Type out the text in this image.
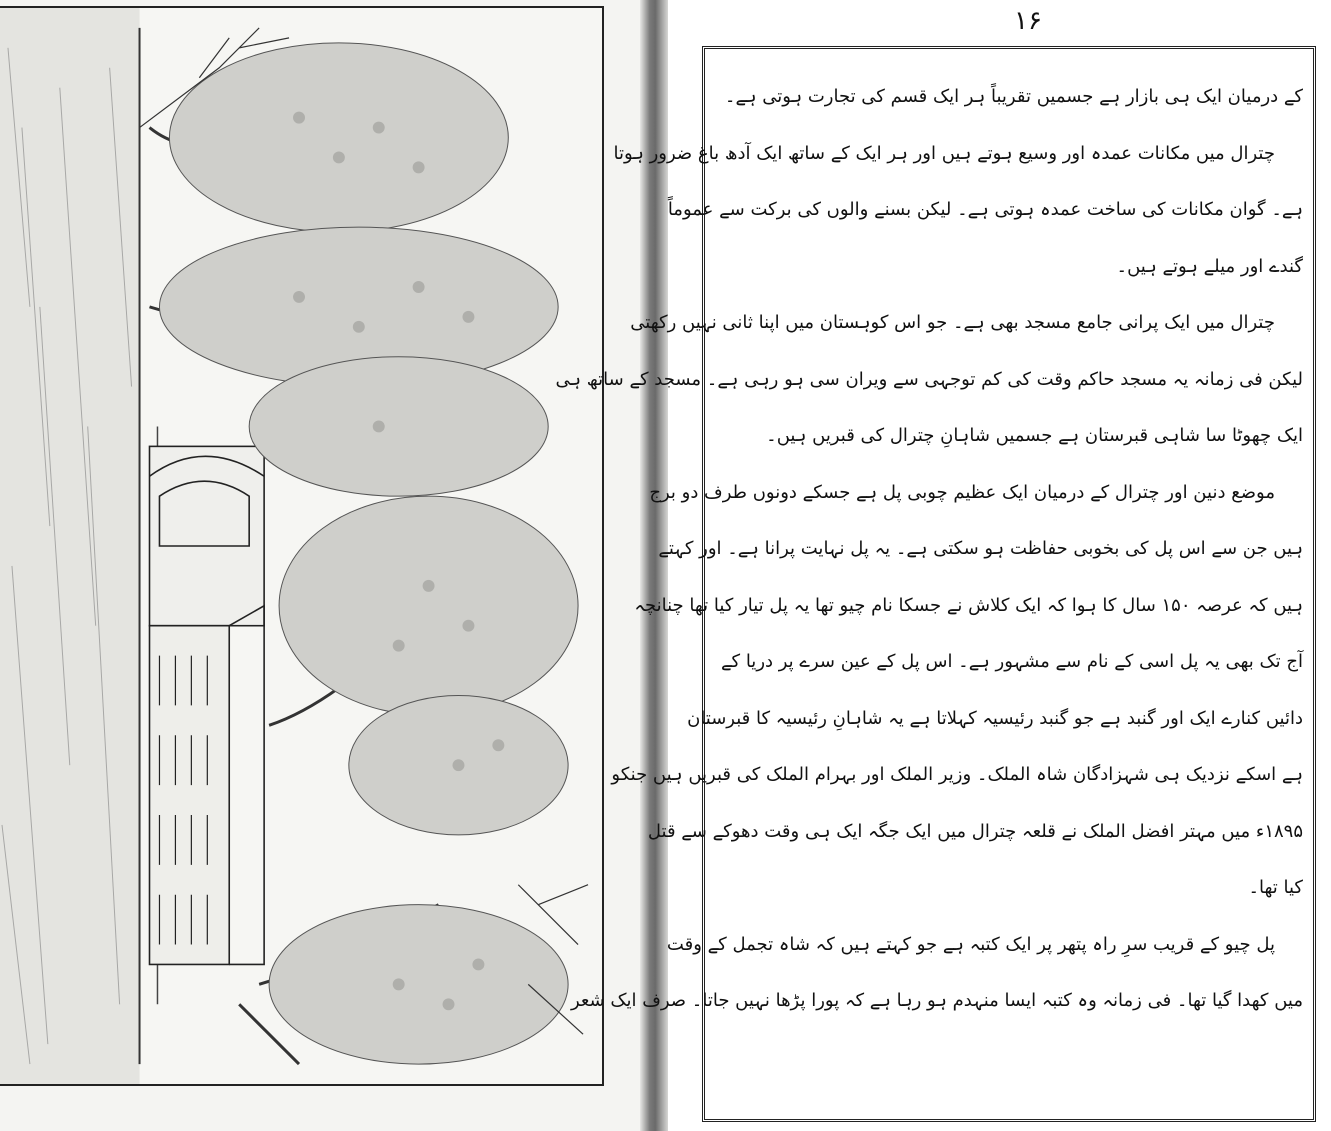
۱۶
کے درمیان ایک ہی بازار ہے جسمیں تقریباً ہر ایک قسم کی تجارت ہوتی ہے۔
چترال میں مکانات عمدہ اور وسیع ہوتے ہیں اور ہر ایک کے ساتھ ایک آدھ باغ ضرور ہوتا
ہے۔ گوان مکانات کی ساخت عمدہ ہوتی ہے۔ لیکن بسنے والوں کی برکت سے عموماً
گندے اور میلے ہوتے ہیں۔
چترال میں ایک پرانی جامع مسجد بھی ہے۔ جو اس کوہستان میں اپنا ثانی نہیں رکھتی
لیکن فی زمانہ یہ مسجد حاکم وقت کی کم توجہی سے ویران سی ہو رہی ہے۔ مسجد کے ساتھ ہی
ایک چھوٹا سا شاہی قبرستان ہے جسمیں شاہانِ چترال کی قبریں ہیں۔
موضع دنین اور چترال کے درمیان ایک عظیم چوبی پل ہے جسکے دونوں طرف دو برج
ہیں جن سے اس پل کی بخوبی حفاظت ہو سکتی ہے۔ یہ پل نہایت پرانا ہے۔ اور کہتے
ہیں کہ عرصہ ۱۵۰ سال کا ہوا کہ ایک کلاش نے جسکا نام چیو تھا یہ پل تیار کیا تھا چنانچہ
آج تک بھی یہ پل اسی کے نام سے مشہور ہے۔ اس پل کے عین سرے پر دریا کے
دائیں کنارے ایک اور گنبد ہے جو گنبد رئیسیہ کہلاتا ہے یہ شاہانِ رئیسیہ کا قبرستان
ہے اسکے نزدیک ہی شہزادگان شاہ الملک۔ وزیر الملک اور بہرام الملک کی قبریں ہیں جنکو
۱۸۹۵ء میں مہتر افضل الملک نے قلعہ چترال میں ایک جگہ ایک ہی وقت دھوکے سے قتل
کیا تھا۔
پل چیو کے قریب سرِ راہ پتھر پر ایک کتبہ ہے جو کہتے ہیں کہ شاہ تجمل کے وقت
میں کھدا گیا تھا۔ فی زمانہ وہ کتبہ ایسا منہدم ہو رہا ہے کہ پورا پڑھا نہیں جاتا۔ صرف ایک شعر
